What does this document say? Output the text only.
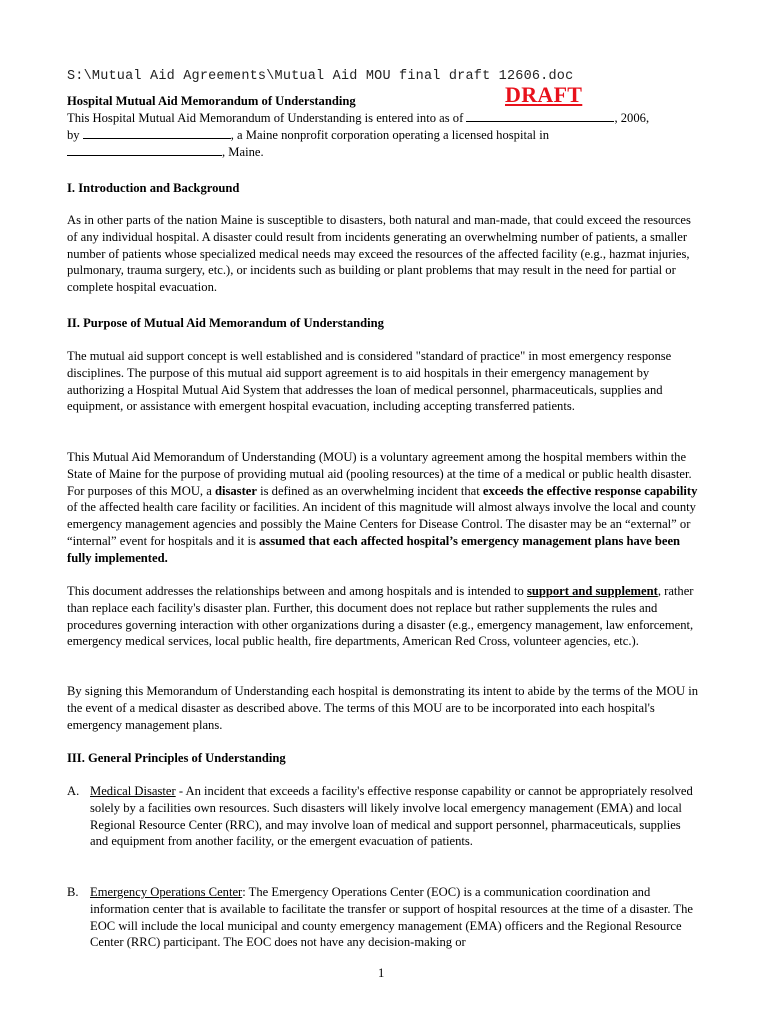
S:\Mutual Aid Agreements\Mutual Aid MOU final draft 12606.doc
Hospital Mutual Aid Memorandum of Understanding	DRAFT

This Hospital Mutual Aid Memorandum of Understanding is entered into as of	, 2006,
by	, a Maine nonprofit corporation operating a licensed hospital in
, Maine.

I. Introduction and Background

As in other parts of the nation Maine is susceptible to disasters, both natural and man-made, that could exceed the resources of any individual hospital. A disaster could result from incidents generating an overwhelming number of patients, a smaller number of patients whose specialized medical needs may exceed the resources of the affected facility (e.g., hazmat injuries, pulmonary, trauma surgery, etc.), or incidents such as building or plant problems that may result in the need for partial or complete hospital evacuation.

II. Purpose of Mutual Aid Memorandum of Understanding

The mutual aid support concept is well established and is considered "standard of practice" in most emergency response disciplines. The purpose of this mutual aid support agreement is to aid hospitals in their emergency management by authorizing a Hospital Mutual Aid System that addresses the loan of medical personnel, pharmaceuticals, supplies and equipment, or assistance with emergent hospital evacuation, including accepting transferred patients.

This Mutual Aid Memorandum of Understanding (MOU) is a voluntary agreement among the hospital members within the State of Maine for the purpose of providing mutual aid (pooling resources) at the time of a medical or public health disaster. For purposes of this MOU, a disaster is defined as an overwhelming incident that exceeds the effective response capability of the affected health care facility or facilities. An incident of this magnitude will almost always involve the local and county emergency management agencies and possibly the Maine Centers for Disease Control. The disaster may be an “external” or “internal” event for hospitals and it is assumed that each affected hospital’s emergency management plans have been fully implemented.

This document addresses the relationships between and among hospitals and is intended to support and supplement, rather than replace each facility's disaster plan. Further, this document does not replace but rather supplements the rules and procedures governing interaction with other organizations during a disaster (e.g., emergency management, law enforcement, emergency medical services, local public health, fire departments, American Red Cross, volunteer agencies, etc.).

By signing this Memorandum of Understanding each hospital is demonstrating its intent to abide by the terms of the MOU in the event of a medical disaster as described above. The terms of this MOU are to be incorporated into each hospital's emergency management plans.

III. General Principles of Understanding
A. Medical Disaster - An incident that exceeds a facility's effective response capability or cannot be appropriately resolved solely by a facilities own resources. Such disasters will likely involve local emergency management (EMA) and local Regional Resource Center (RRC), and may involve loan of medical and support personnel, pharmaceuticals, supplies and equipment from another facility, or the emergent evacuation of patients.
B. Emergency Operations Center: The Emergency Operations Center (EOC) is a communication coordination and information center that is available to facilitate the transfer or support of hospital resources at the time of a disaster. The EOC will include the local municipal and county emergency management (EMA) officers and the Regional Resource Center (RRC) participant. The EOC does not have any decision-making or
1
